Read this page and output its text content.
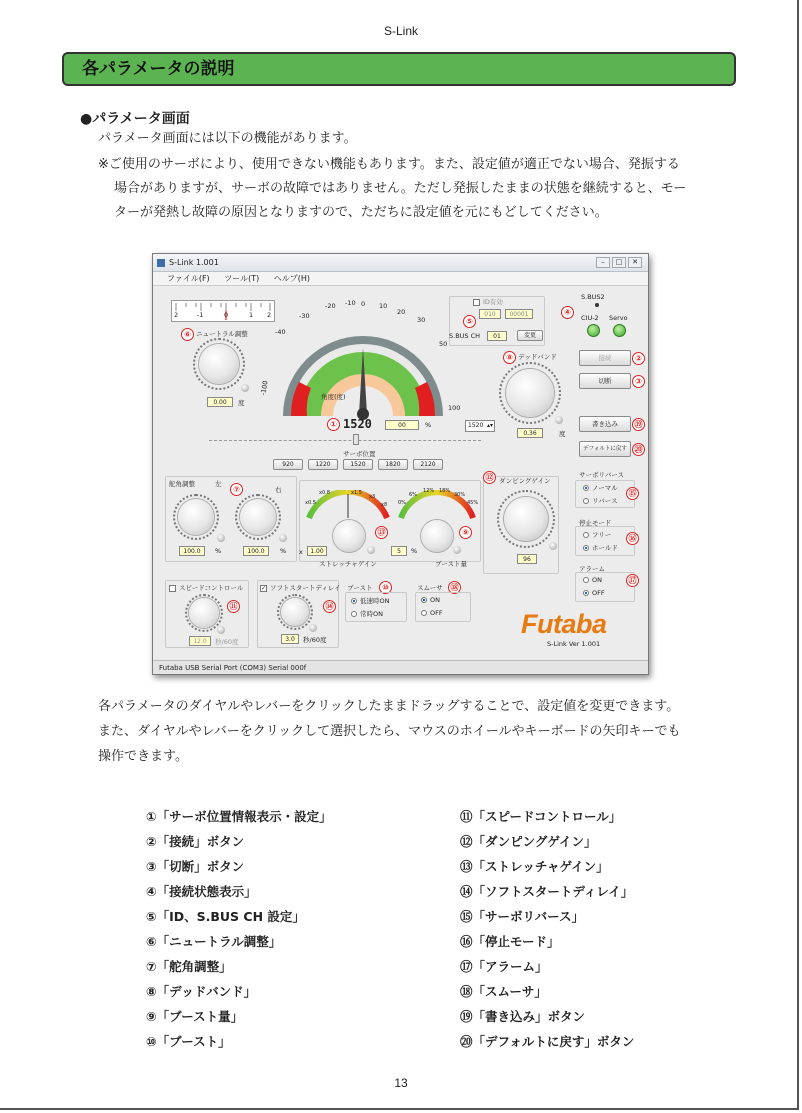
S-Link
各パラメータの説明
●パラメータ画面
パラメータ画面には以下の機能があります。
※ご使用のサーボにより、使用できない機能もあります。また、設定値が適正でない場合、発振する
場合がありますが、サーボの故障ではありません。ただし発振したままの状態を継続すると、モー
ターが発熱し故障の原因となりますので、ただちに設定値を元にもどしてください。
S-Link 1.001	–	□	✕
ファイル(F) ツール(T) ヘルプ(H)
2	-1	0	1 2
⑥ ニュートラル調整
0.00	度
-100
-40
-30
-20 -10 0 10
20
30
50
100
角度(度)
① 1520	00	%	1520 ▴▾
サーボ位置
920	1220	1520	1820	2120
ID有効
010	00001
⑤
S.BUS CH	01	変更
④
S.BUS2
CIU-2 Servo
⑧ デッドバンド
0.36	度
接続	②
切断	③
書き込み	⑲
デフォルトに戻す ⑳
舵角調整	左
⑦	右
100.0	%	100.0	%
x0.5
x0.8	x1.5
x3
x8
⑬
x	1.00
ストレッチャゲイン
0%
6%
12% 18%
30%
45%
⑨
5	%
ブースト量
⑫ ダンピングゲイン
96
サーボリバース
ノーマル
リバース
⑮
停止モード
フリー
ホールド
⑯
アラーム
ON
OFF
⑰
スピードコントロール
⑪
12.0	秒/60度
✓ ソフトスタートディレイ
⑭
3.0	秒/60度
ブースト	⑩
低速時ON
常時ON
スムーサ ⑱
ON
OFF	Futaba
S-Link Ver 1.001
Futaba USB Serial Port (COM3) Serial 000f
各パラメータのダイヤルやレバーをクリックしたままドラッグすることで、設定値を変更できます。
また、ダイヤルやレバーをクリックして選択したら、マウスのホイールやキーボードの矢印キーでも
操作できます。
①「サーボ位置情報表示・設定」
②「接続」ボタン
③「切断」ボタン
④「接続状態表示」
⑤「ID、S.BUS CH 設定」
⑥「ニュートラル調整」
⑦「舵角調整」
⑧「デッドバンド」
⑨「ブースト量」
⑩「ブースト」
⑪「スピードコントロール」
⑫「ダンピングゲイン」
⑬「ストレッチャゲイン」
⑭「ソフトスタートディレイ」
⑮「サーボリバース」
⑯「停止モード」
⑰「アラーム」
⑱「スムーサ」
⑲「書き込み」ボタン
⑳「デフォルトに戻す」ボタン
13
